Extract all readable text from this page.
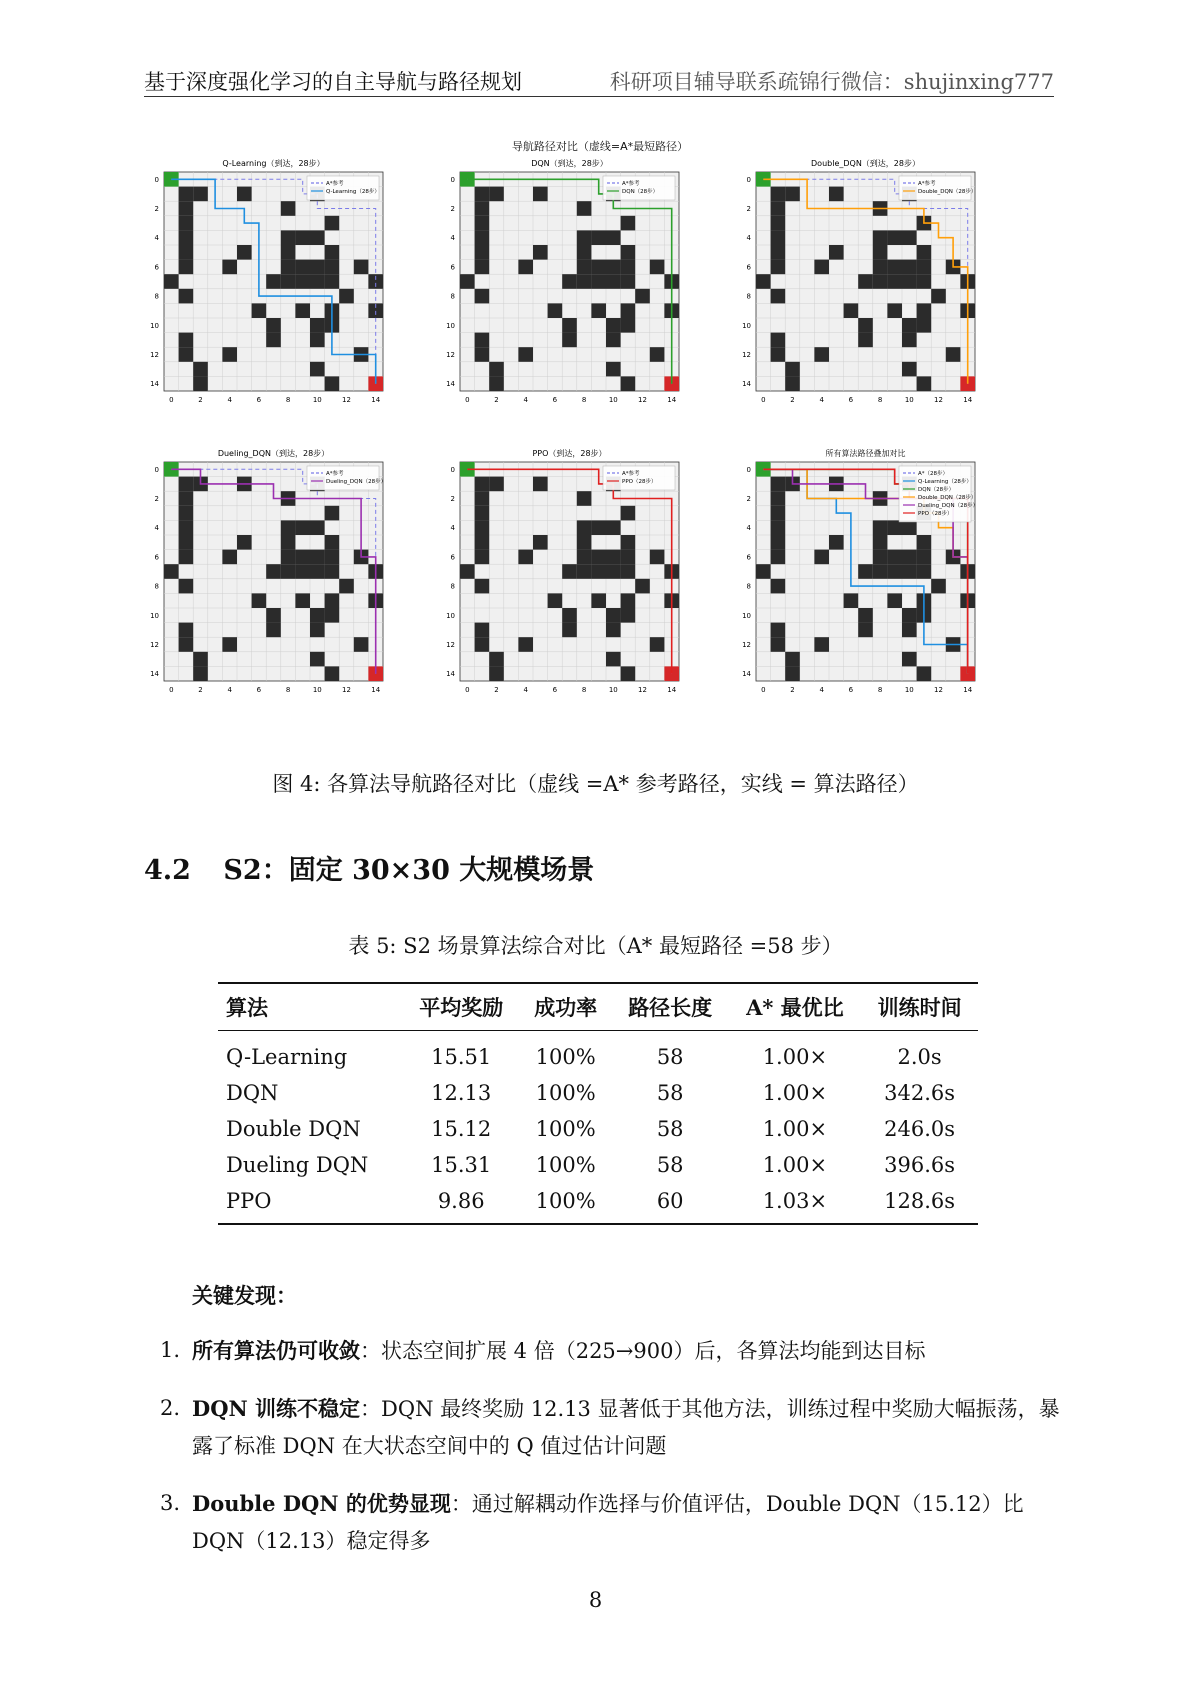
基于深度强化学习的自主导航与路径规划	科研项目辅导联系疏锦行微信：shujinxing777
导航路径对比（虚线=A*最短路径）
Q-Learning（到达，28步）
0
0
2
2
4
4
6
6
8
8
10
10
12
12
14
14
A*参考
Q-Learning（28步）
DQN（到达，28步）
0
0
2
2
4
4
6
6
8
8
10
10
12
12
14
14
A*参考
DQN（28步）
Double_DQN（到达，28步）
0
0
2
2
4
4
6
6
8
8
10
10
12
12
14
14
A*参考
Double_DQN（28步）
Dueling_DQN（到达，28步）
0
0
2
2
4
4
6
6
8
8
10
10
12
12
14
14
A*参考
Dueling_DQN（28步）
PPO（到达，28步）
0
0
2
2
4
4
6
6
8
8
10
10
12
12
14
14
A*参考
PPO（28步）
所有算法路径叠加对比
0
0
2
2
4
4
6
6
8
8
10
10
12
12
14
14
A*（28步）
Q-Learning（28步）
DQN（28步）
Double_DQN（28步）
Dueling_DQN（28步）
PPO（28步）
图 4: 各算法导航路径对比（虚线 =A* 参考路径，实线 = 算法路径）
4.2 S2：固定 30×30 大规模场景
表 5: S2 场景算法综合对比（A* 最短路径 =58 步）
算法	平均奖励	成功率	路径长度	A* 最优比	训练时间
Q-Learning	15.51	100%	58	1.00×	2.0s
DQN	12.13	100%	58	1.00×	342.6s
Double DQN	15.12	100%	58	1.00×	246.0s
Dueling DQN	15.31	100%	58	1.00×	396.6s
PPO	9.86	100%	60	1.03×	128.6s
关键发现：
1. 所有算法仍可收敛：状态空间扩展 4 倍（225→900）后，各算法均能到达目标
2. DQN 训练不稳定：DQN 最终奖励 12.13 显著低于其他方法，训练过程中奖励大幅振荡，暴露了标准 DQN 在大状态空间中的 Q 值过估计问题
3. Double DQN 的优势显现：通过解耦动作选择与价值评估，Double DQN（15.12）比 DQN（12.13）稳定得多
8
